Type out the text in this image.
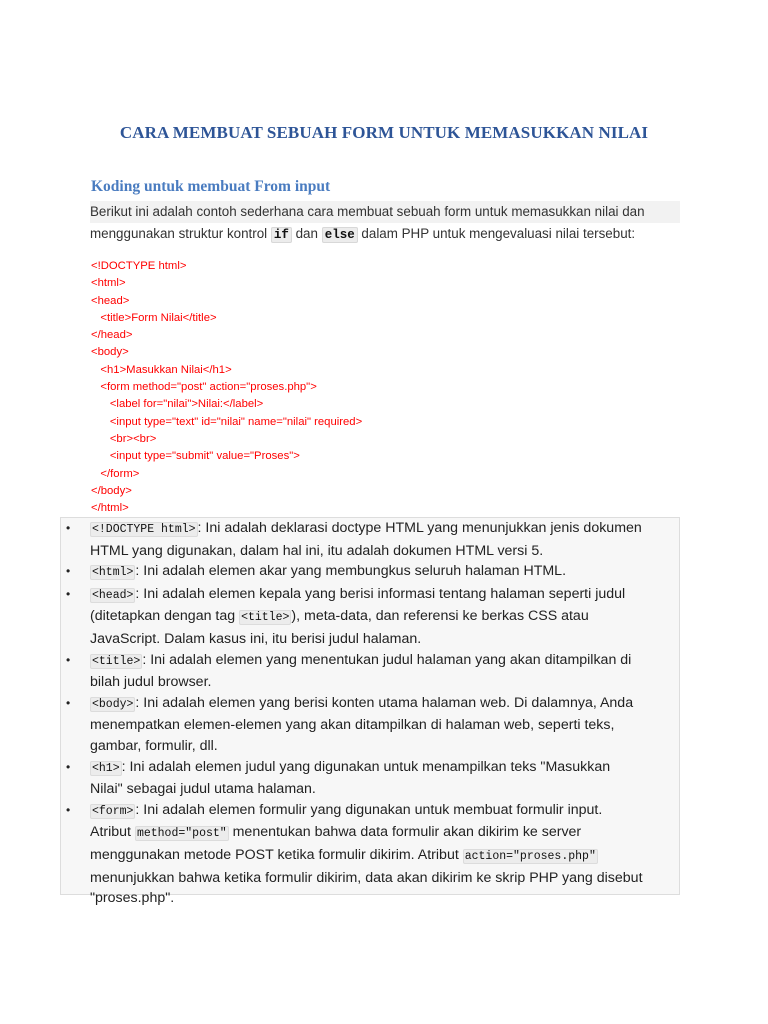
CARA MEMBUAT SEBUAH FORM UNTUK MEMASUKKAN NILAI
Koding untuk membuat From input
Berikut ini adalah contoh sederhana cara membuat sebuah form untuk memasukkan nilai dan
menggunakan struktur kontrol if dan else dalam PHP untuk mengevaluasi nilai tersebut:
<!DOCTYPE html>
<html>
<head>
<title>Form Nilai</title>
</head>
<body>
<h1>Masukkan Nilai</h1>
<form method="post" action="proses.php">
<label for="nilai">Nilai:</label>
<input type="text" id="nilai" name="nilai" required>
<br><br>
<input type="submit" value="Proses">
</form>
</body>
</html>
• <!DOCTYPE html> : Ini adalah deklarasi doctype HTML yang menunjukkan jenis dokumen
HTML yang digunakan, dalam hal ini, itu adalah dokumen HTML versi 5.
• <html> : Ini adalah elemen akar yang membungkus seluruh halaman HTML.
• <head> : Ini adalah elemen kepala yang berisi informasi tentang halaman seperti judul
(ditetapkan dengan tag <title> ), meta-data, dan referensi ke berkas CSS atau
JavaScript. Dalam kasus ini, itu berisi judul halaman.
• <title> : Ini adalah elemen yang menentukan judul halaman yang akan ditampilkan di
bilah judul browser.
• <body> : Ini adalah elemen yang berisi konten utama halaman web. Di dalamnya, Anda
menempatkan elemen-elemen yang akan ditampilkan di halaman web, seperti teks,
gambar, formulir, dll.
• <h1> : Ini adalah elemen judul yang digunakan untuk menampilkan teks "Masukkan
Nilai" sebagai judul utama halaman.
• <form> : Ini adalah elemen formulir yang digunakan untuk membuat formulir input.
Atribut method="post" menentukan bahwa data formulir akan dikirim ke server
menggunakan metode POST ketika formulir dikirim. Atribut action="proses.php"
menunjukkan bahwa ketika formulir dikirim, data akan dikirim ke skrip PHP yang disebut
"proses.php".
